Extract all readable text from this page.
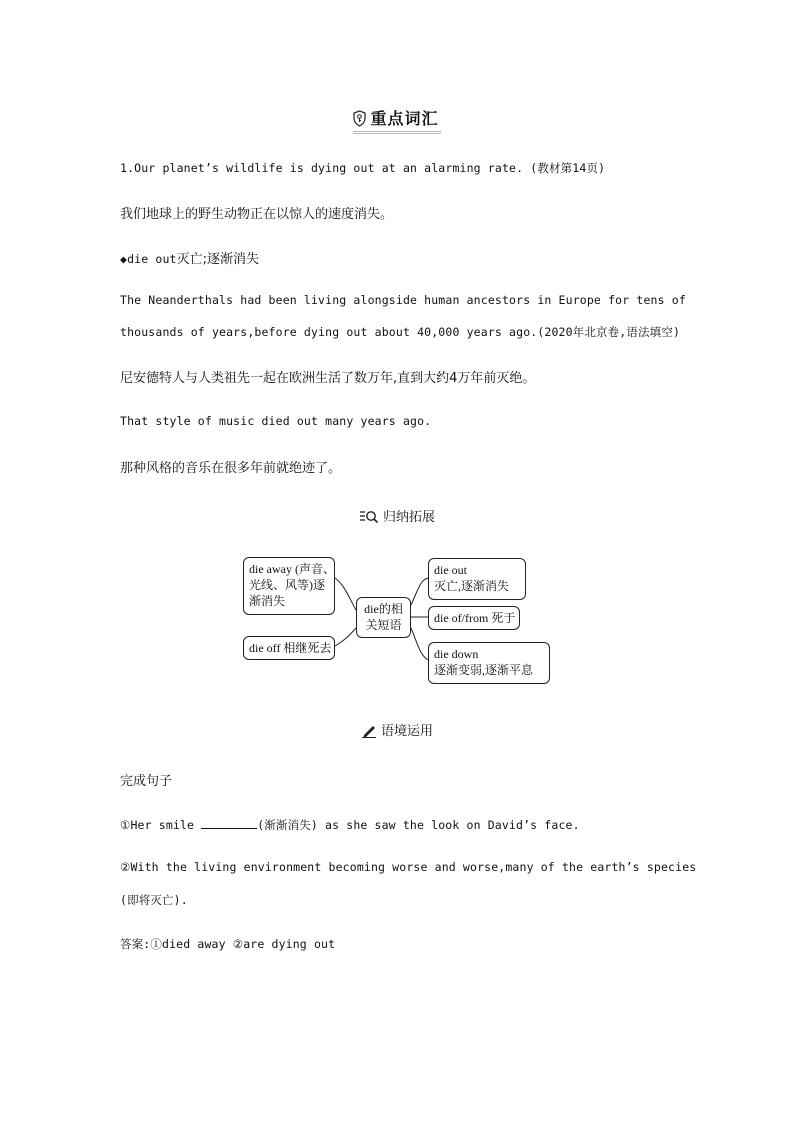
重点词汇
1.Our planet’s wildlife is dying out at an alarming rate. (教材第14页)
我们地球上的野生动物正在以惊人的速度消失。
◆die out灭亡;逐渐消失
The Neanderthals had been living alongside human ancestors in Europe for tens of
thousands of years,before dying out about 40,000 years ago.(2020年北京卷,语法填空)
尼安德特人与人类祖先一起在欧洲生活了数万年,直到大约4万年前灭绝。
That style of music died out many years ago.
那种风格的音乐在很多年前就绝迹了。
归纳拓展
die away (声音、
光线、风等)逐
渐消失
die off 相继死去
die的相
关短语
die out
灭亡,逐渐消失
die of/from 死于
die down
逐渐变弱,逐渐平息
语境运用
完成句子
①Her smile	(渐渐消失) as she saw the look on David’s face.
②With the living environment becoming worse and worse,many of the earth’s species
(即将灭亡).
答案:①died away ②are dying out
